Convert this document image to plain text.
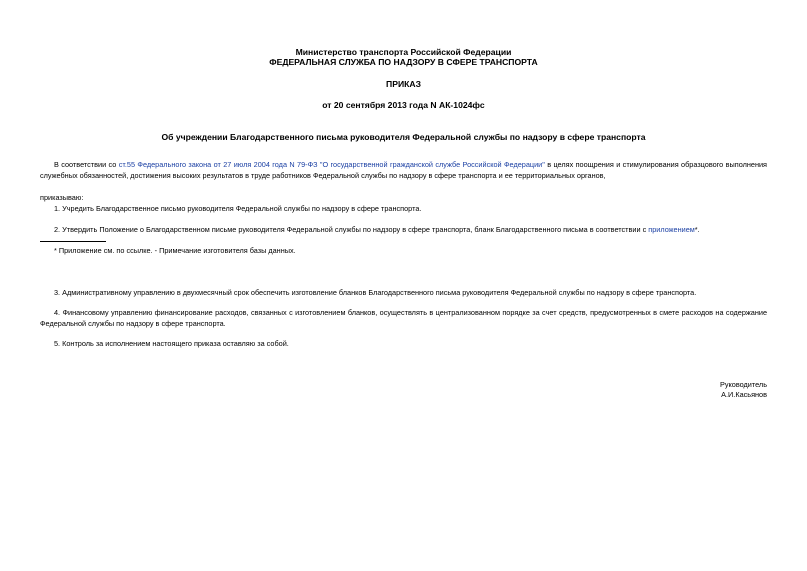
Министерство транспорта Российской Федерации
ФЕДЕРАЛЬНАЯ СЛУЖБА ПО НАДЗОРУ В СФЕРЕ ТРАНСПОРТА
ПРИКАЗ
от 20 сентября 2013 года N АК-1024фс
Об учреждении Благодарственного письма руководителя Федеральной службы по надзору в сфере транспорта
В соответствии со ст.55 Федерального закона от 27 июля 2004 года N 79-ФЗ "О государственной гражданской службе Российской Федерации" в целях поощрения и стимулирования образцового выполнения служебных обязанностей, достижения высоких результатов в труде работников Федеральной службы по надзору в сфере транспорта и ее территориальных органов,
приказываю:
1. Учредить Благодарственное письмо руководителя Федеральной службы по надзору в сфере транспорта.
2. Утвердить Положение о Благодарственном письме руководителя Федеральной службы по надзору в сфере транспорта, бланк Благодарственного письма в соответствии с приложением*.
* Приложение см. по ссылке. - Примечание изготовителя базы данных.
3. Административному управлению в двухмесячный срок обеспечить изготовление бланков Благодарственного письма руководителя Федеральной службы по надзору в сфере транспорта.
4. Финансовому управлению финансирование расходов, связанных с изготовлением бланков, осуществлять в централизованном порядке за счет средств, предусмотренных в смете расходов на содержание Федеральной службы по надзору в сфере транспорта.
5. Контроль за исполнением настоящего приказа оставляю за собой.
Руководитель
А.И.Касьянов
